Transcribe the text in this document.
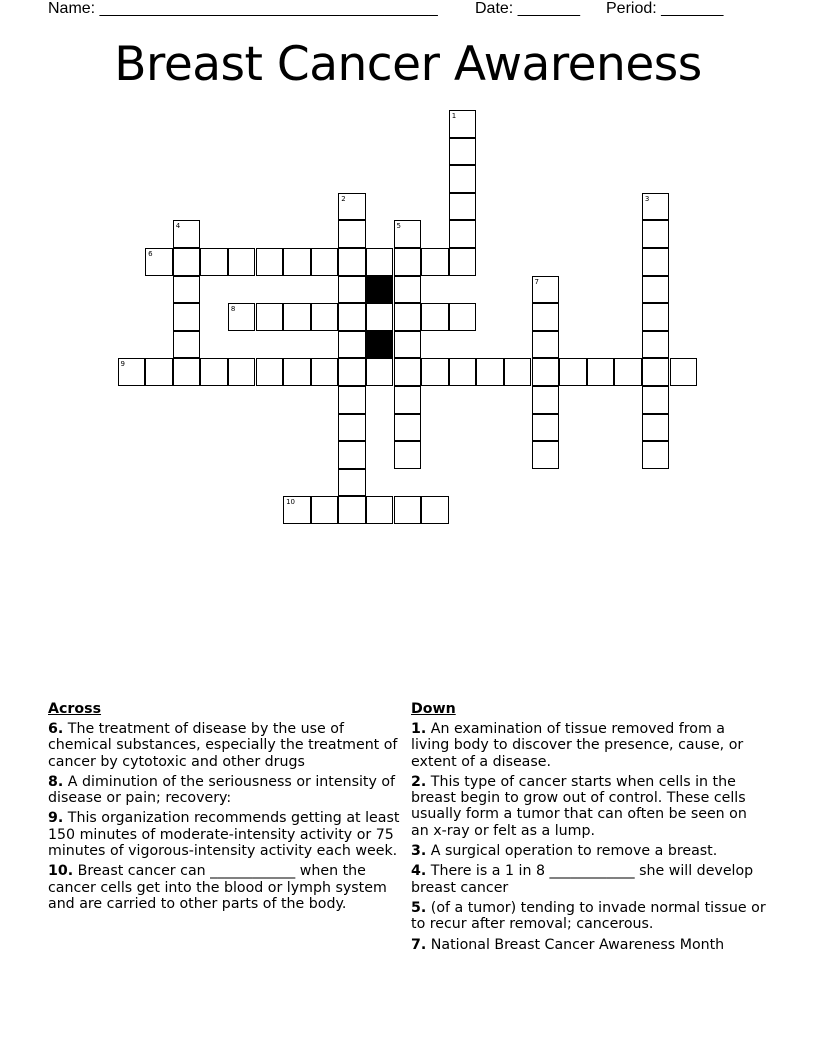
Name: ______________________________________ Date: _______ Period: _______
Breast Cancer Awareness
6
8
9
10
1
2	3
4	5
7
Across
6. The treatment of disease by the use of chemical substances, especially the treatment of cancer by cytotoxic and other drugs
8. A diminution of the seriousness or intensity of disease or pain; recovery:
9. This organization recommends getting at least 150 minutes of moderate-intensity activity or 75 minutes of vigorous-intensity activity each week.
10. Breast cancer can ____________ when the cancer cells get into the blood or lymph system and are carried to other parts of the body.
Down
1. An examination of tissue removed from a living body to discover the presence, cause, or extent of a disease.
2. This type of cancer starts when cells in the breast begin to grow out of control. These cells usually form a tumor that can often be seen on an x-ray or felt as a lump.
3. A surgical operation to remove a breast.
4. There is a 1 in 8 ____________ she will develop breast cancer
5. (of a tumor) tending to invade normal tissue or to recur after removal; cancerous.
7. National Breast Cancer Awareness Month
